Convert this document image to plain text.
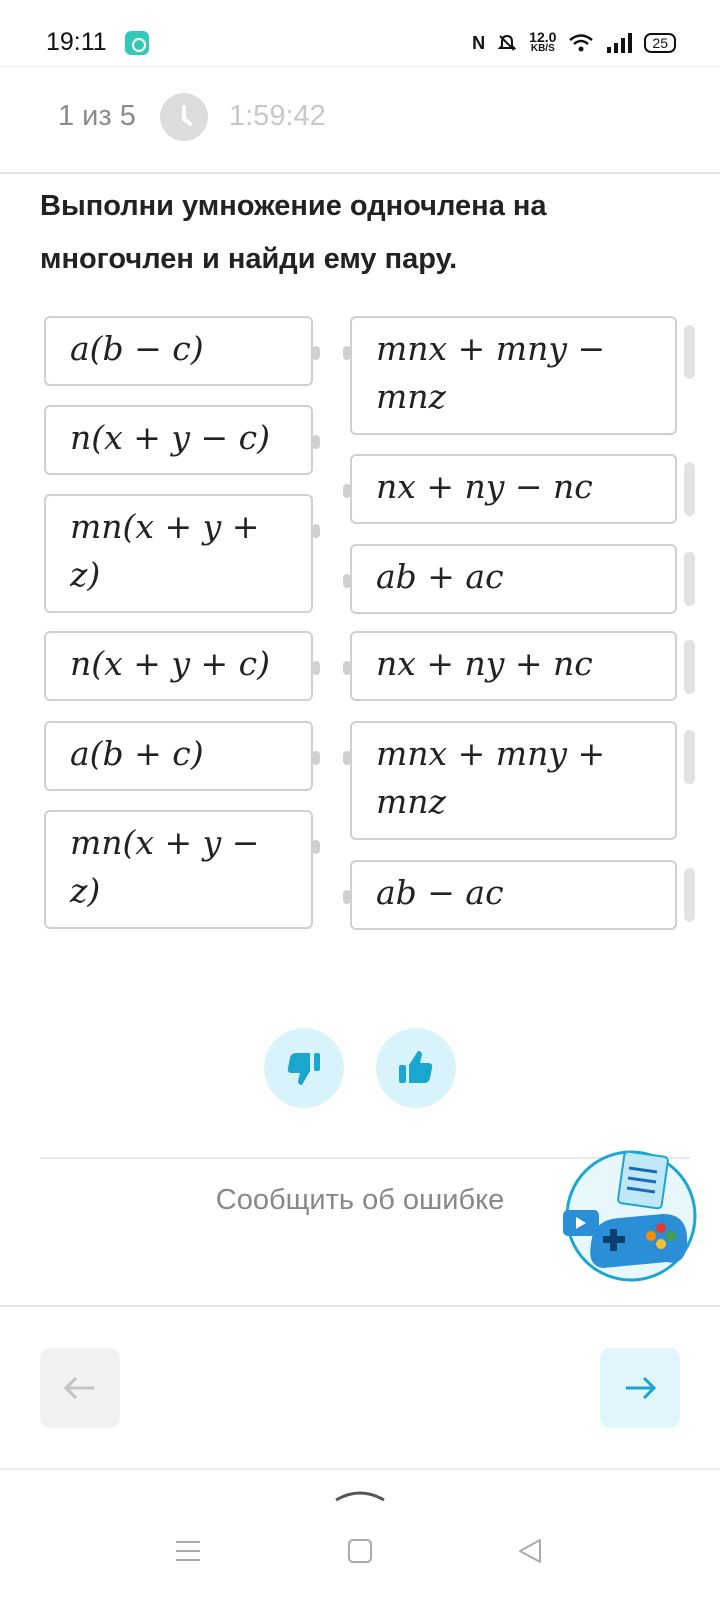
19:11	N	12.0
KB/S	25
1 из 5	1:59:42
Выполни умножение одночлена на многочлен и найди ему пару.
a(b − c)
n(x + y − c)
mn(x + y + z)
n(x + y + c)
a(b + c)
mn(x + y − z)
mnx + mny − mnz
nx + ny − nc
ab + ac
nx + ny + nc
mnx + mny + mnz
ab − ac
Сообщить об ошибке
